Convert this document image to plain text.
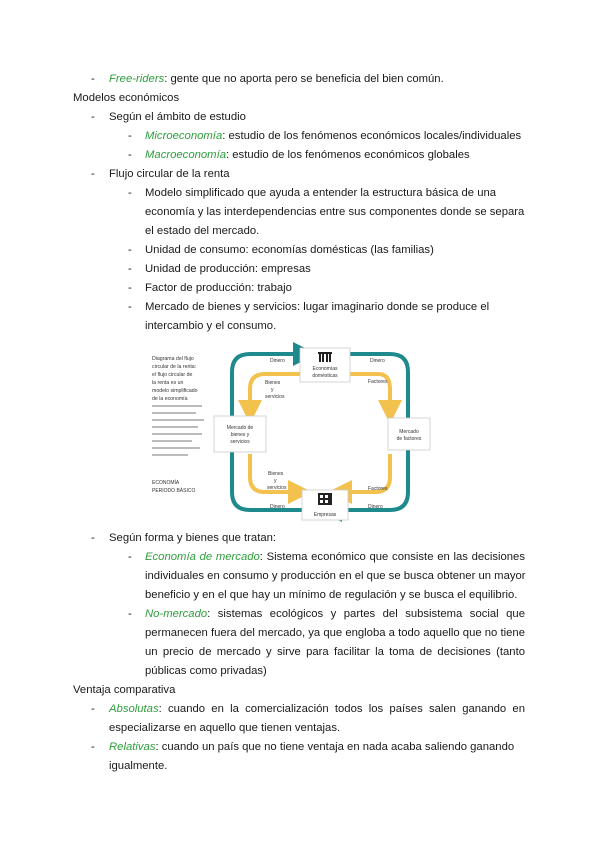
- Free-riders: gente que no aporta pero se beneficia del bien común.
Modelos económicos
- Según el ámbito de estudio
- Microeconomía: estudio de los fenómenos económicos locales/individuales
- Macroeconomía: estudio de los fenómenos económicos globales
- Flujo circular de la renta
- Modelo simplificado que ayuda a entender la estructura básica de una
economía y las interdependencias entre sus componentes donde se separa
el estado del mercado.
- Unidad de consumo: economías domésticas (las familias)
- Unidad de producción: empresas
- Factor de producción: trabajo
- Mercado de bienes y servicios: lugar imaginario donde se produce el
intercambio y el consumo.
Diagrama del flujo
circular de la renta:
el flujo circular de
la renta es un
modelo simplificado
de la economía
ECONOMÍA
PERIODO BÁSICO
Economías
domésticas
Mercado de
bienes y
servicios
Mercado
de factores
Empresas
Dinero
Bienes
y
servicios
Dinero
Factores
Bienes
y
servicios
Dinero
Factores
Dinero
- Según forma y bienes que tratan:
- Economía de mercado: Sistema económico que consiste en las decisiones
individuales en consumo y producción en el que se busca obtener un mayor
beneficio y en el que hay un mínimo de regulación y se busca el equilibrio.
- No-mercado: sistemas ecológicos y partes del subsistema social que
permanecen fuera del mercado, ya que engloba a todo aquello que no tiene
un precio de mercado y sirve para facilitar la toma de decisiones (tanto
públicas como privadas)
Ventaja comparativa
- Absolutas: cuando en la comercialización todos los países salen ganando en
especializarse en aquello que tienen ventajas.
- Relativas: cuando un país que no tiene ventaja en nada acaba saliendo ganando
igualmente.
